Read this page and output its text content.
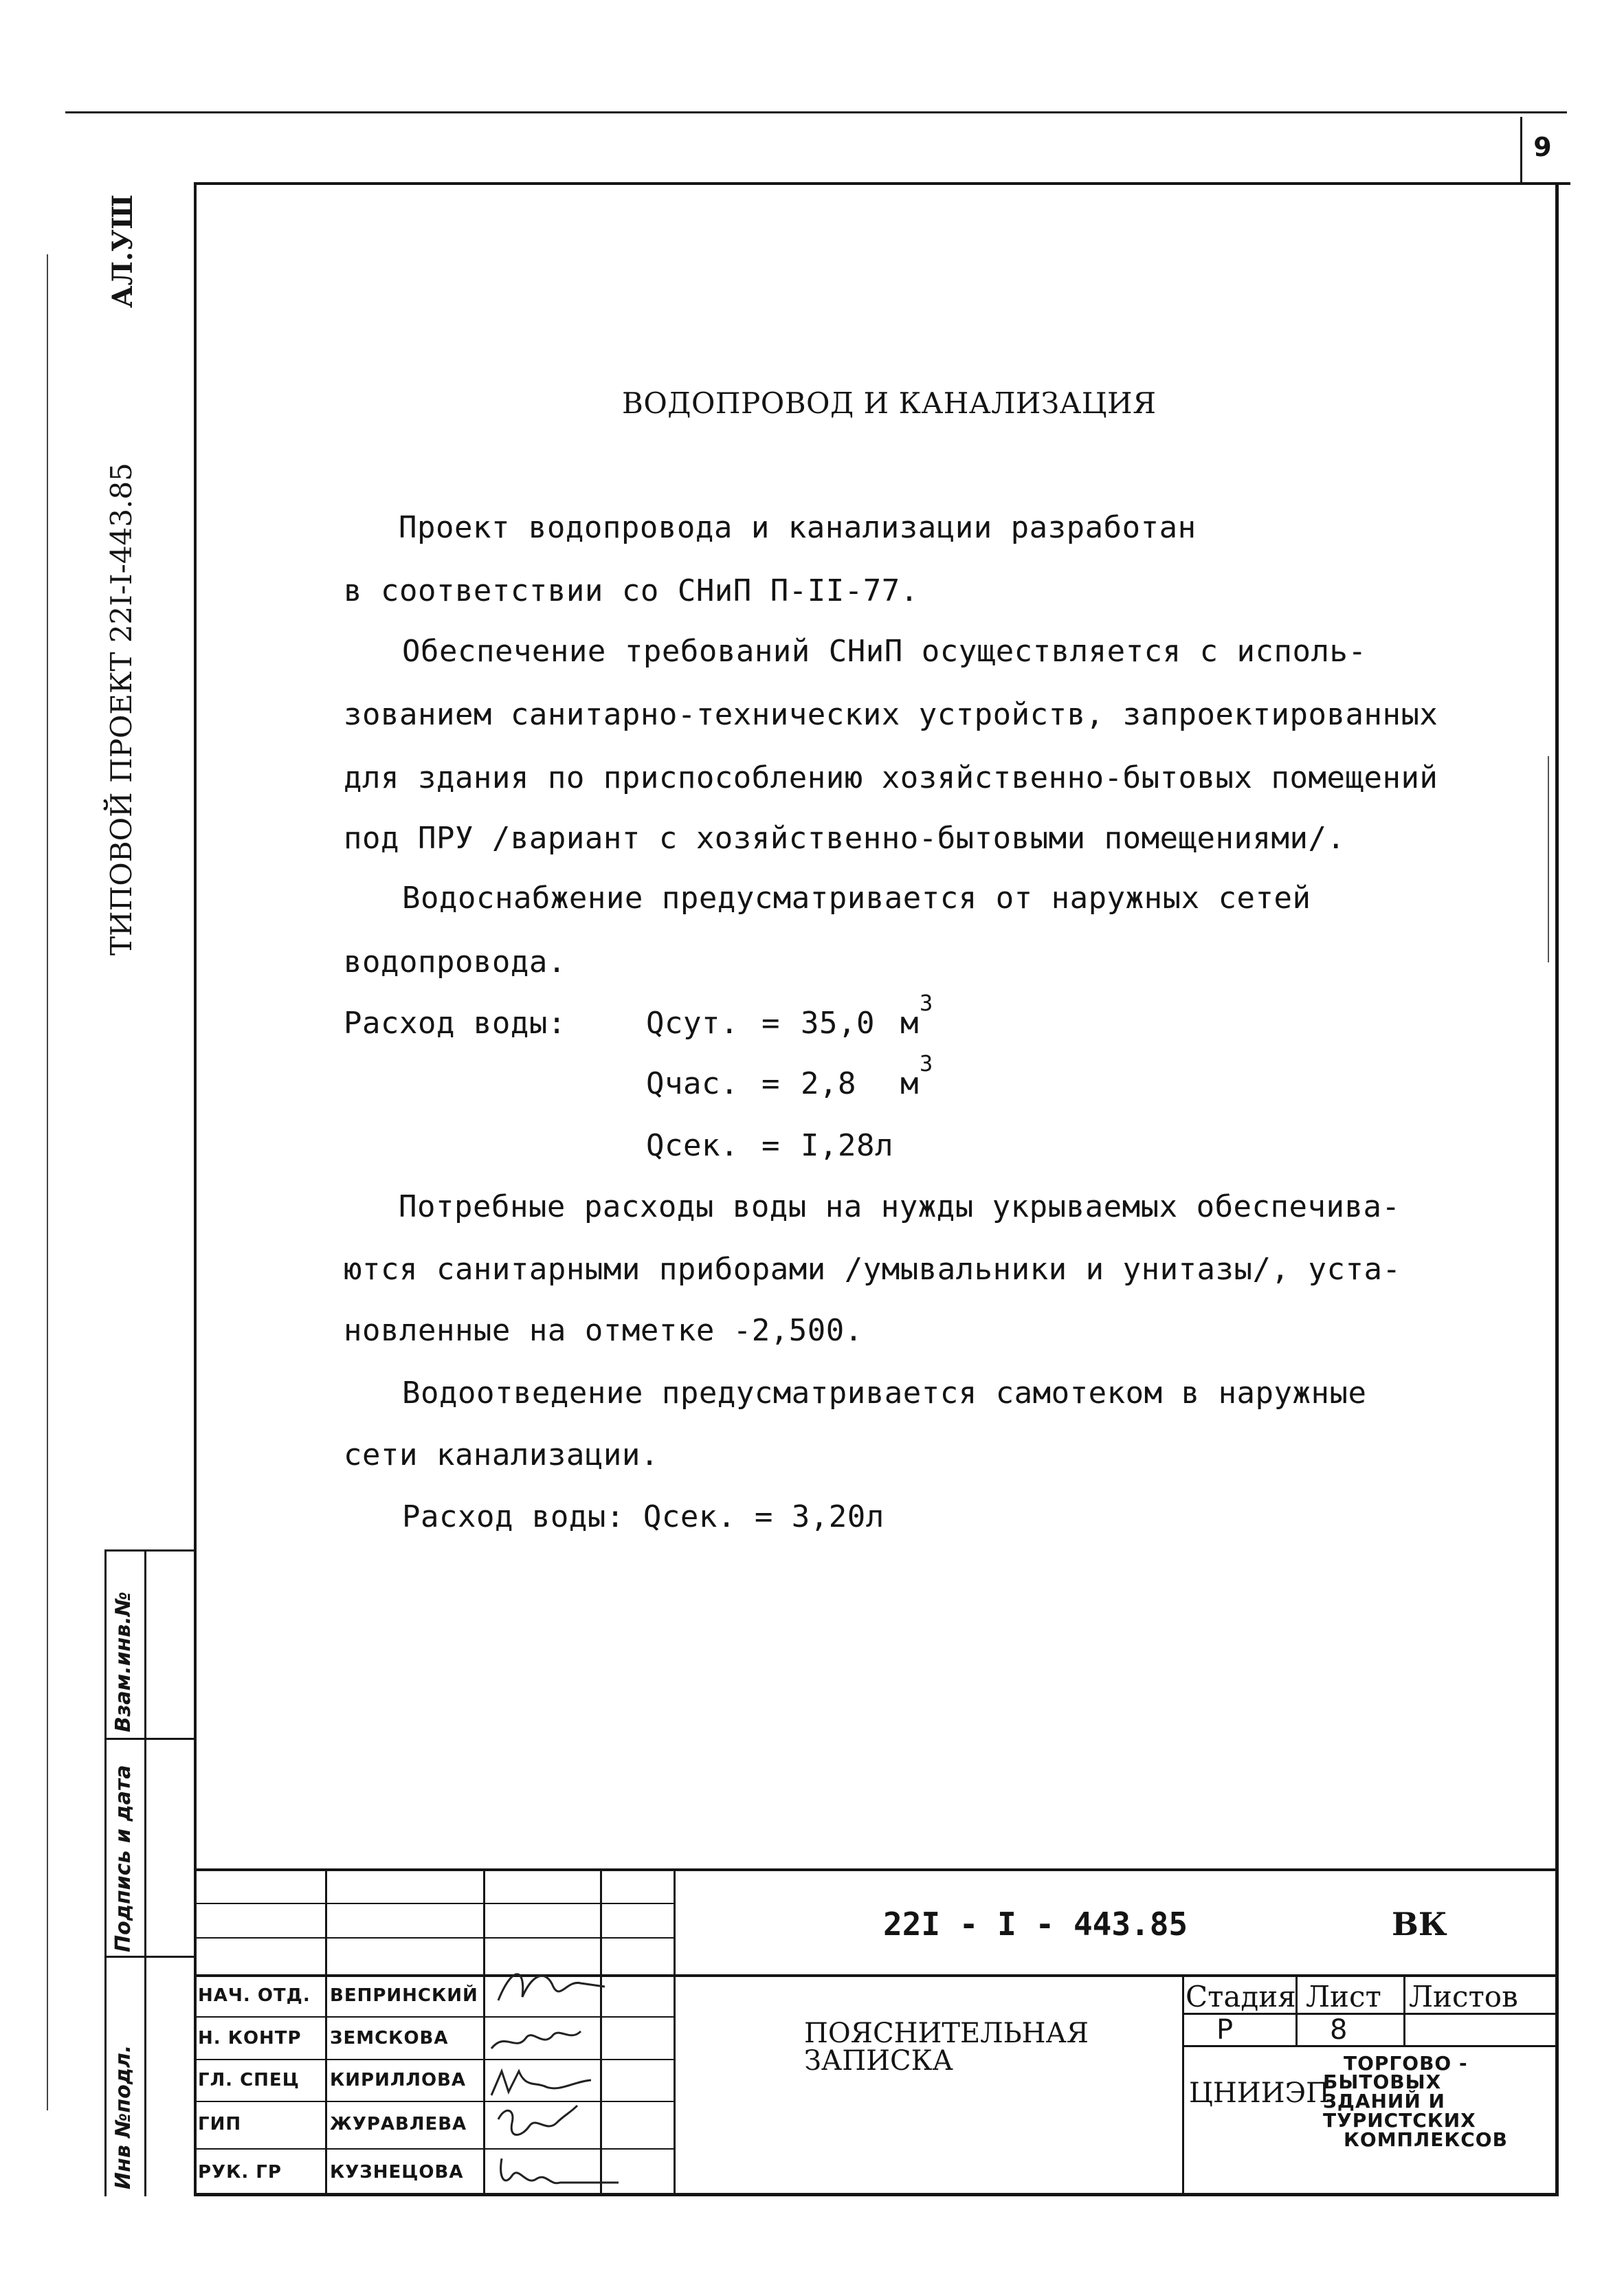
9
АЛ.УШ
ТИПОВОЙ ПРОЕКТ 22I-I-443.85
Инв №подл.
Подпись и дата
Взам.инв.№
ВОДОПРОВОД И КАНАЛИЗАЦИЯ
Проект водопровода и канализации разработан
в соответствии со СНиП П-II-77.
Обеспечение требований СНиП осуществляется с исполь-
зованием санитарно-технических устройств, запроектированных
для здания по приспособлению хозяйственно-бытовых помещений
под ПРУ /вариант с хозяйственно-бытовыми помещениями/.
Водоснабжение предусматривается от наружных сетей
водопровода.
Расход воды:	Qсут. = 35,0 м
3
Qчас. = 2,8 м
3
Qсек. = I,28л
Потребные расходы воды на нужды укрываемых обеспечива-
ются санитарными приборами /умывальники и унитазы/, уста-
новленные на отметке -2,500.
Водоотведение предусматривается самотеком в наружные
сети канализации.
Расход воды: Qсек. = 3,20л
22I - I - 443.85	ВК
ПОЯСНИТЕЛЬНАЯ
ЗАПИСКА
Стадия Лист Листов
Р	8
ЦНИИЭП
ТОРГОВО -
БЫТОВЫХ
ЗДАНИЙ И
ТУРИСТСКИХ
КОМПЛЕКСОВ
НАЧ. ОТД. ВЕПРИНСКИЙ
Н. КОНТР ЗЕМСКОВА
ГЛ. СПЕЦ КИРИЛЛОВА
ГИП	ЖУРАВЛЕВА
РУК. ГР	КУЗНЕЦОВА
